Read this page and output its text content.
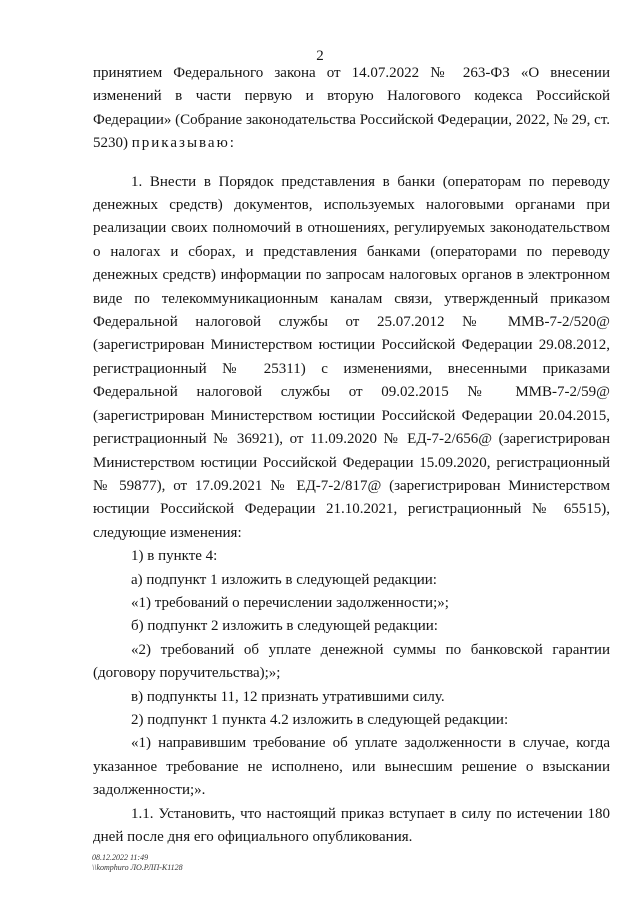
2

принятием Федерального закона от 14.07.2022 № 263-ФЗ «О внесении изменений в части первую и вторую Налогового кодекса Российской Федерации» (Собрание законодательства Российской Федерации, 2022, № 29, ст. 5230) приказываю:

1. Внести в Порядок представления в банки (операторам по переводу денежных средств) документов, используемых налоговыми органами при реализации своих полномочий в отношениях, регулируемых законодательством о налогах и сборах, и представления банками (операторами по переводу денежных средств) информации по запросам налоговых органов в электронном виде по телекоммуникационным каналам связи, утвержденный приказом Федеральной налоговой службы от 25.07.2012 № ММВ-7-2/520@ (зарегистрирован Министерством юстиции Российской Федерации 29.08.2012, регистрационный № 25311) с изменениями, внесенными приказами Федеральной налоговой службы от 09.02.2015 № ММВ-7-2/59@ (зарегистрирован Министерством юстиции Российской Федерации 20.04.2015, регистрационный № 36921), от 11.09.2020 № ЕД-7-2/656@ (зарегистрирован Министерством юстиции Российской Федерации 15.09.2020, регистрационный № 59877), от 17.09.2021 № ЕД-7-2/817@ (зарегистрирован Министерством юстиции Российской Федерации 21.10.2021, регистрационный № 65515), следующие изменения:

1) в пункте 4:

а) подпункт 1 изложить в следующей редакции:

«1) требований о перечислении задолженности;»;

б) подпункт 2 изложить в следующей редакции:

«2) требований об уплате денежной суммы по банковской гарантии (договору поручительства);»;

в) подпункты 11, 12 признать утратившими силу.

2) подпункт 1 пункта 4.2 изложить в следующей редакции:

«1) направившим требование об уплате задолженности в случае, когда указанное требование не исполнено, или вынесшим решение о взыскании задолженности;».

1.1. Установить, что настоящий приказ вступает в силу по истечении 180 дней после дня его официального опубликования.

08.12.2022 11:49
\\komphuro ЛО.РЛП-К1128
